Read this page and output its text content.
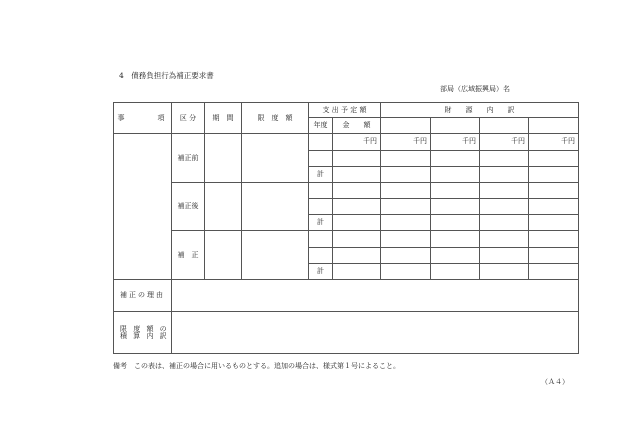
4　債務負担行為補正要求書
部局（広域振興局）名
事　　　項	区 分	期　間	限　度　額	支 出 予 定 額		財　　源　　内　　訳			
				年度	金　　額				
	補正前				千円	千円	千円	千円	千円

				計					
	補正後								

				計					
	補　正								

				計					
補正の理由									

限 度 額 の
積 算 内 訳									

備考　この表は、補正の場合に用いるものとする。追加の場合は、様式第１号によること。
（Ａ４）
